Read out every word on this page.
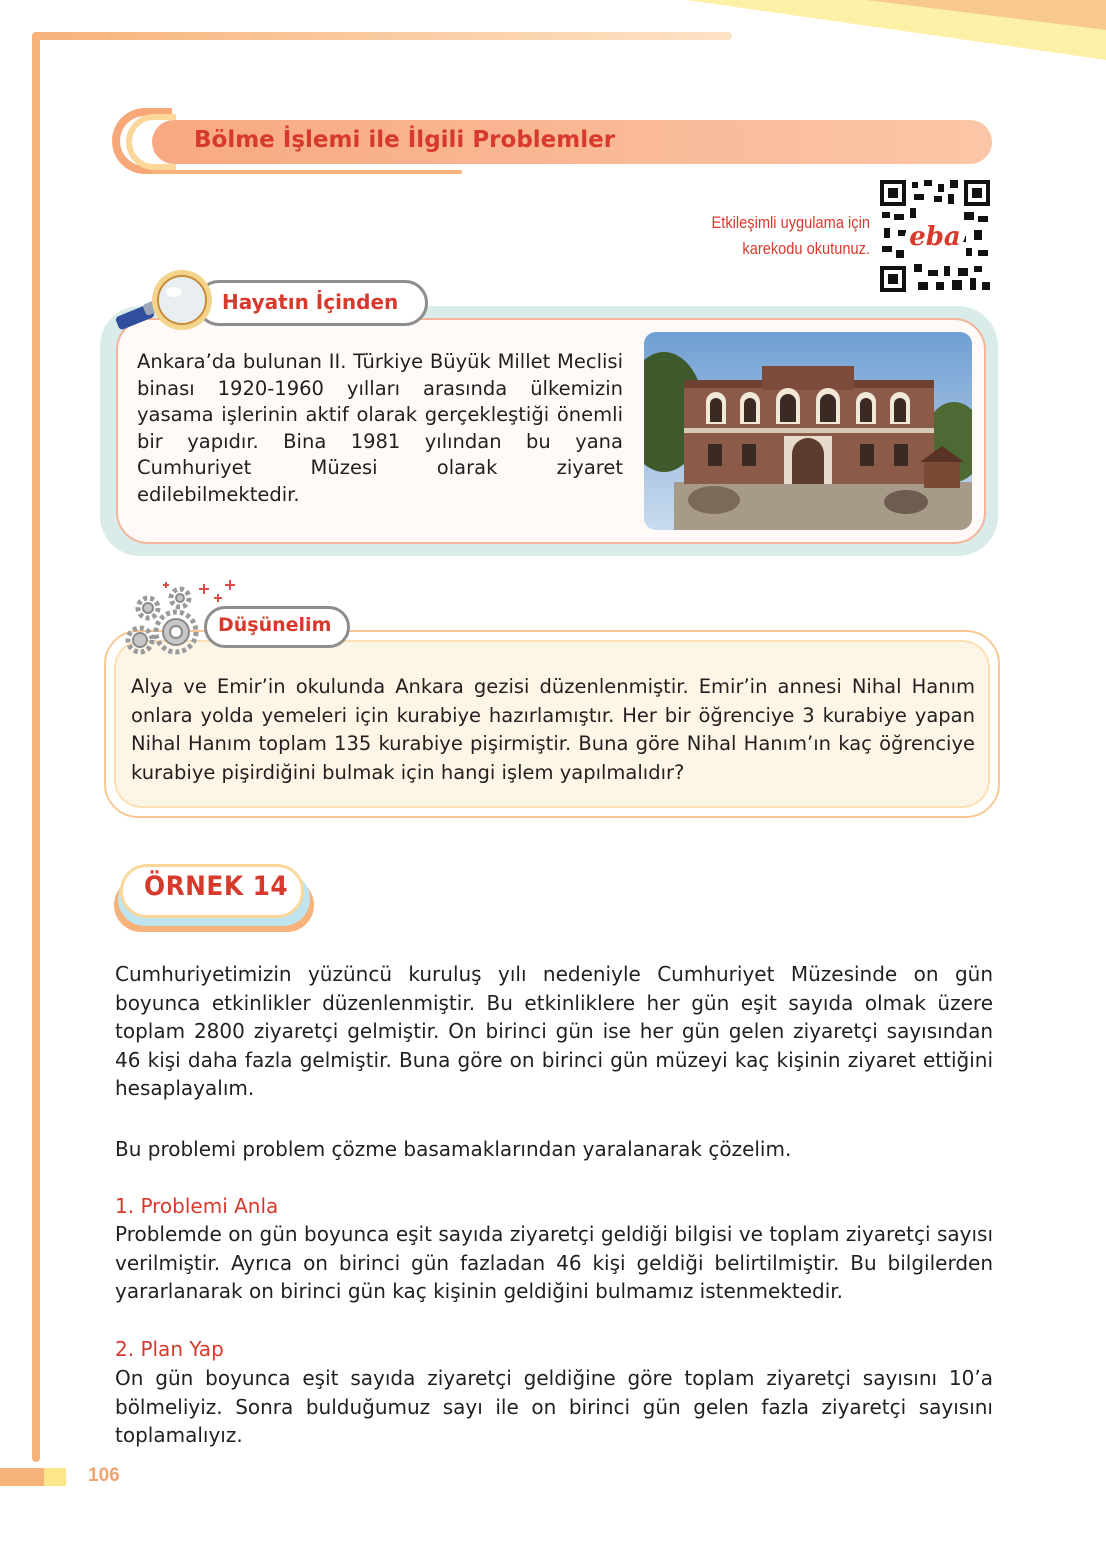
Bölme İşlemi ile İlgili Problemler
Etkileşimli uygulama için
karekodu okutunuz. eba
Hayatın İçinden
Ankara’da bulunan II. Türkiye Büyük Millet Meclisi binası 1920-1960 yılları arasında ülkemizin yasama işlerinin aktif olarak gerçekleştiği önemli bir yapıdır. Bina 1981 yılından bu yana Cumhuriyet Müzesi olarak ziyaret edilebilmektedir.
Düşünelim
Alya ve Emir’in okulunda Ankara gezisi düzenlenmiştir. Emir’in annesi Nihal Hanım onlara yolda yemeleri için kurabiye hazırlamıştır. Her bir öğrenciye 3 kurabiye yapan Nihal Hanım toplam 135 kurabiye pişirmiştir. Buna göre Nihal Hanım’ın kaç öğrenciye kurabiye pişirdiğini bulmak için hangi işlem yapılmalıdır?
ÖRNEK 14
Cumhuriyetimizin yüzüncü kuruluş yılı nedeniyle Cumhuriyet Müzesinde on gün boyunca etkinlikler düzenlenmiştir. Bu etkinliklere her gün eşit sayıda olmak üzere toplam 2800 ziyaretçi gelmiştir. On birinci gün ise her gün gelen ziyaretçi sayısından 46 kişi daha fazla gelmiştir. Buna göre on birinci gün müzeyi kaç kişinin ziyaret ettiğini hesaplayalım.
Bu problemi problem çözme basamaklarından yaralanarak çözelim.
1. Problemi Anla
Problemde on gün boyunca eşit sayıda ziyaretçi geldiği bilgisi ve toplam ziyaretçi sayısı verilmiştir. Ayrıca on birinci gün fazladan 46 kişi geldiği belirtilmiştir. Bu bilgilerden yararlanarak on birinci gün kaç kişinin geldiğini bulmamız istenmektedir.
2. Plan Yap
On gün boyunca eşit sayıda ziyaretçi geldiğine göre toplam ziyaretçi sayısını 10’a bölmeliyiz. Sonra bulduğumuz sayı ile on birinci gün gelen fazla ziyaretçi sayısını toplamalıyız.
106
